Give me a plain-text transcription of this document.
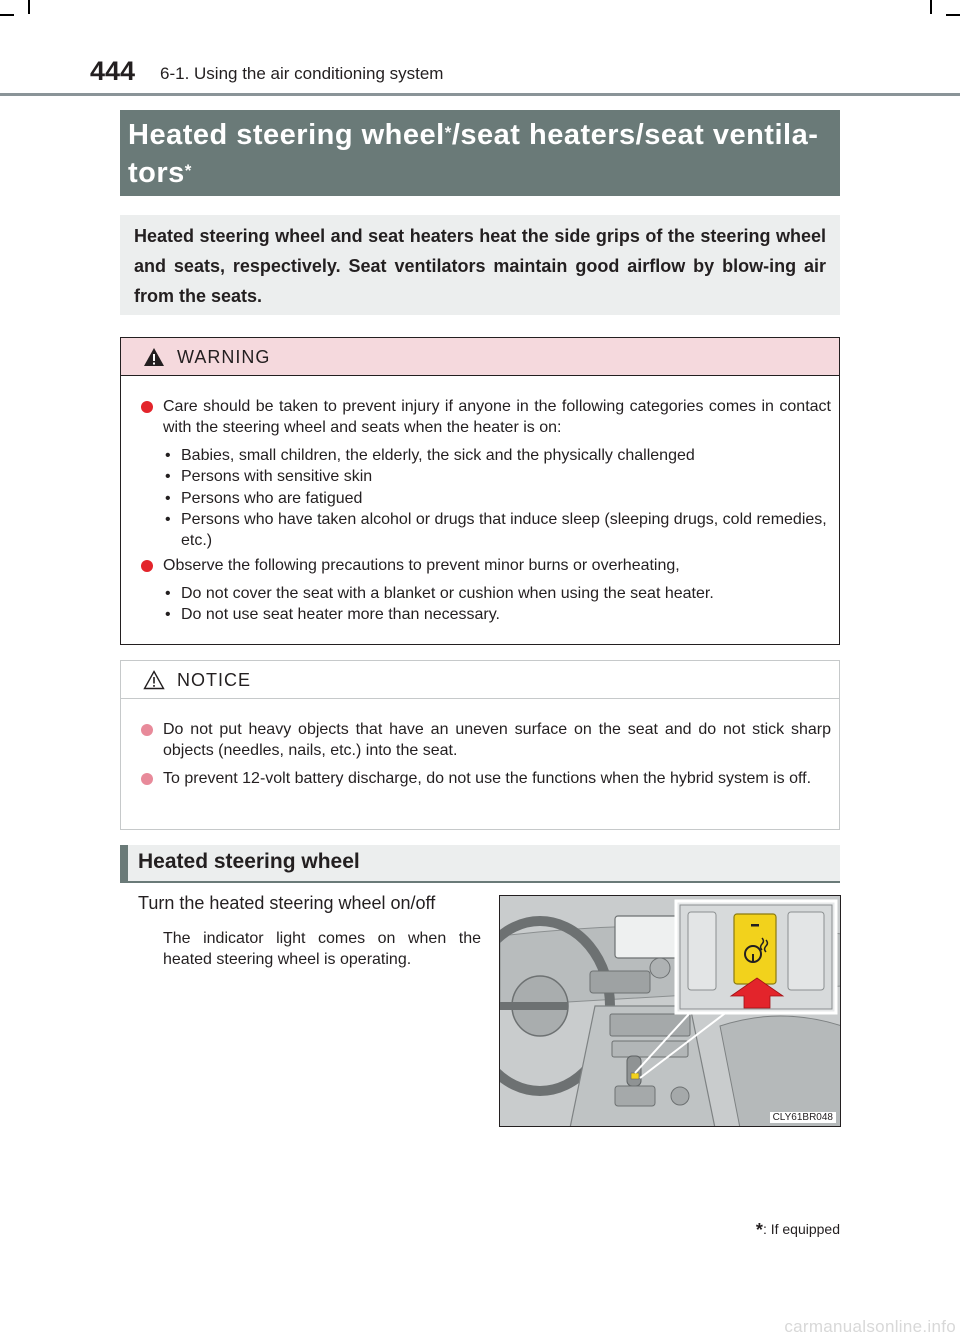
444 6-1. Using the air conditioning system
Heated steering wheel*/seat heaters/seat ventila-
tors*

Heated steering wheel and seat heaters heat the side grips of the steering wheel and seats, respectively. Seat ventilators maintain good airflow by blow-ing air from the seats.

WARNING
Care should be taken to prevent injury if anyone in the following categories comes in contact with the steering wheel and seats when the heater is on:
• Babies, small children, the elderly, the sick and the physically challenged
• Persons with sensitive skin
• Persons who are fatigued
• Persons who have taken alcohol or drugs that induce sleep (sleeping drugs, cold remedies, etc.)
Observe the following precautions to prevent minor burns or overheating,
• Do not cover the seat with a blanket or cushion when using the seat heater.
• Do not use seat heater more than necessary.
NOTICE
Do not put heavy objects that have an uneven surface on the seat and do not stick sharp objects (needles, nails, etc.) into the seat.
To prevent 12-volt battery discharge, do not use the functions when the hybrid system is off.
Heated steering wheel
Turn the heated steering wheel on/off
The indicator light comes on when the heated steering wheel is operating.
CLY61BR048
*: If equipped
carmanualsonline.info
